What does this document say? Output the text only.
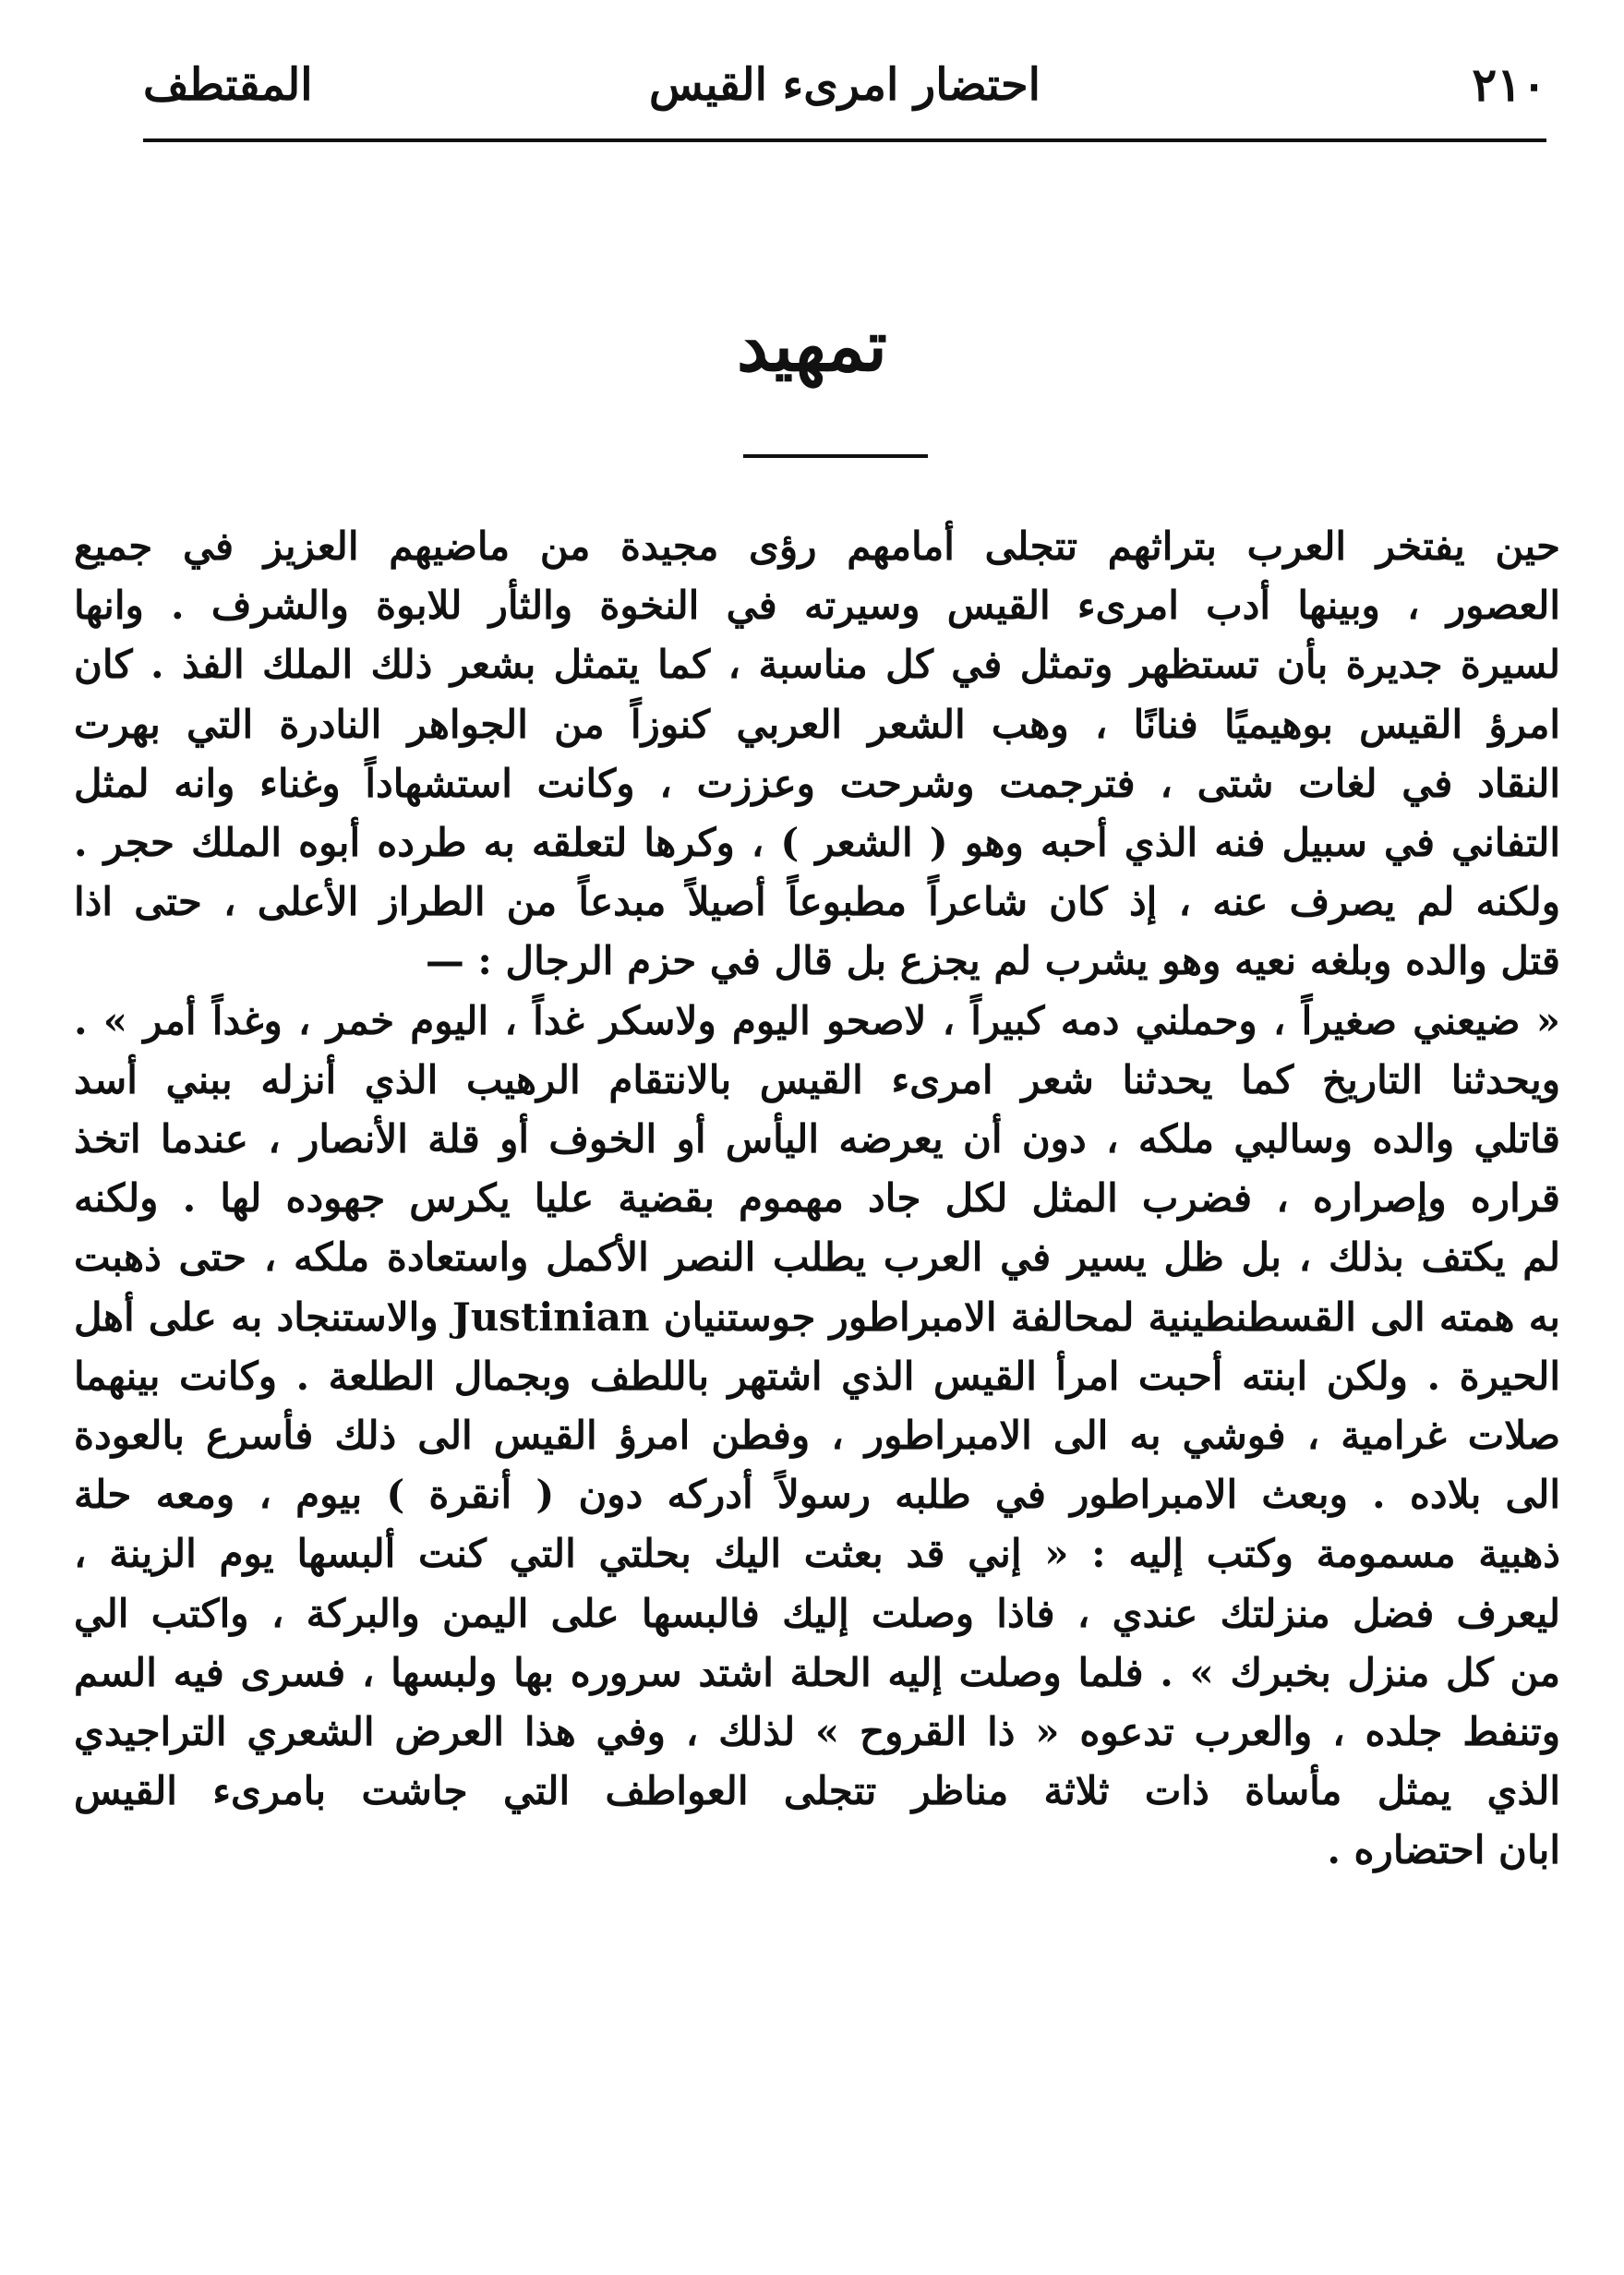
٢١٠
احتضار امرىء القيس
المقتطف
تمهيد
حين يفتخر العرب بتراثهم تتجلى أمامهم رؤى مجيدة من ماضيهم العزيز في جميع
العصور ، وبينها أدب امرىء القيس وسيرته في النخوة والثأر للابوة والشرف . وانها
لسيرة جديرة بأن تستظهر وتمثل في كل مناسبة ، كما يتمثل بشعر ذلك الملك الفذ . كان
امرؤ القيس بوهيميًا فنانًا ، وهب الشعر العربي كنوزاً من الجواهر النادرة التي بهرت
النقاد في لغات شتى ، فترجمت وشرحت وعززت ، وكانت استشهاداً وغناء وانه لمثل
التفاني في سبيل فنه الذي أحبه وهو ( الشعر ) ، وكرها لتعلقه به طرده أبوه الملك حجر .
ولكنه لم يصرف عنه ، إذ كان شاعراً مطبوعاً أصيلاً مبدعاً من الطراز الأعلى ، حتى اذا
قتل والده وبلغه نعيه وهو يشرب لم يجزع بل قال في حزم الرجال : —
« ضيعني صغيراً ، وحملني دمه كبيراً ، لاصحو اليوم ولاسكر غداً ، اليوم خمر ، وغداً أمر » .
ويحدثنا التاريخ كما يحدثنا شعر امرىء القيس بالانتقام الرهيب الذي أنزله ببني أسد
قاتلي والده وسالبي ملكه ، دون أن يعرضه اليأس أو الخوف أو قلة الأنصار ، عندما اتخذ
قراره وإصراره ، فضرب المثل لكل جاد مهموم بقضية عليا يكرس جهوده لها . ولكنه
لم يكتف بذلك ، بل ظل يسير في العرب يطلب النصر الأكمل واستعادة ملكه ، حتى ذهبت
به همته الى القسطنطينية لمحالفة الامبراطور جوستنيان Justinian والاستنجاد به على أهل
الحيرة . ولكن ابنته أحبت امرأ القيس الذي اشتهر باللطف وبجمال الطلعة . وكانت بينهما
صلات غرامية ، فوشي به الى الامبراطور ، وفطن امرؤ القيس الى ذلك فأسرع بالعودة
الى بلاده . وبعث الامبراطور في طلبه رسولاً أدركه دون ( أنقرة ) بيوم ، ومعه حلة
ذهبية مسمومة وكتب إليه : « إني قد بعثت اليك بحلتي التي كنت ألبسها يوم الزينة ،
ليعرف فضل منزلتك عندي ، فاذا وصلت إليك فالبسها على اليمن والبركة ، واكتب الي
من كل منزل بخبرك » . فلما وصلت إليه الحلة اشتد سروره بها ولبسها ، فسرى فيه السم
وتنفط جلده ، والعرب تدعوه « ذا القروح » لذلك ، وفي هذا العرض الشعري التراجيدي
الذي يمثل مأساة ذات ثلاثة مناظر تتجلى العواطف التي جاشت بامرىء القيس
ابان احتضاره .
